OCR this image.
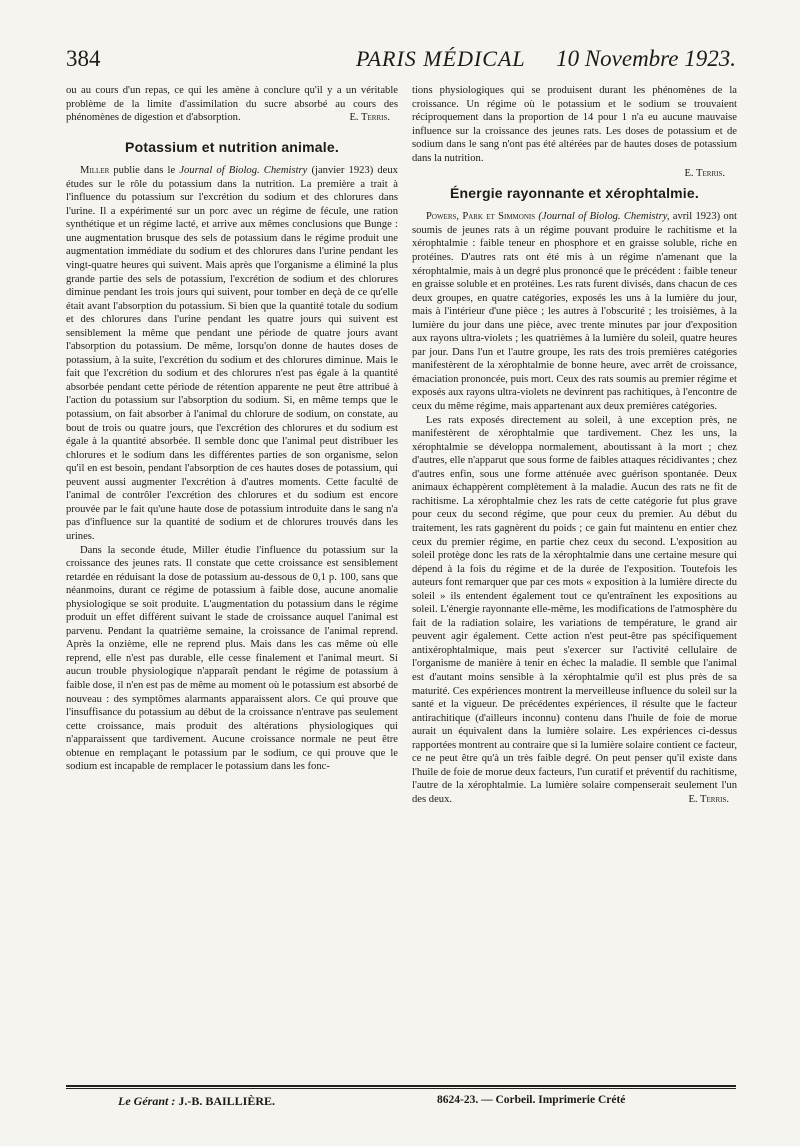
384	PARIS MÉDICAL 10 Novembre 1923.

ou au cours d'un repas, ce qui les amène à conclure qu'il y a un véritable problème de la limite d'assimilation du sucre absorbé au cours des phénomènes de digestion et d'absorption.	E. Terris.

Potassium et nutrition animale.

Miller publie dans le Journal of Biolog. Chemistry (janvier 1923) deux études sur le rôle du potassium dans la nutrition. La première a trait à l'influence du potassium sur l'excrétion du sodium et des chlorures dans l'urine. Il a expérimenté sur un porc avec un régime de fécule, une ration synthétique et un régime lacté, et arrive aux mêmes conclusions que Bunge : une augmentation brusque des sels de potassium dans le régime produit une augmentation immédiate du sodium et des chlorures dans l'urine pendant les vingt-quatre heures qui suivent. Mais après que l'organisme a éliminé la plus grande partie des sels de potassium, l'excrétion de sodium et des chlorures diminue pendant les trois jours qui suivent, pour tomber en deçà de ce qu'elle était avant l'absorption du potassium. Si bien que la quantité totale du sodium et des chlorures dans l'urine pendant les quatre jours qui suivent est sensiblement la même que pendant une période de quatre jours avant l'absorption du potassium. De même, lorsqu'on donne de hautes doses de potassium, à la suite, l'excrétion du sodium et des chlorures diminue. Mais le fait que l'excrétion du sodium et des chlorures n'est pas égale à la quantité absorbée pendant cette période de rétention apparente ne peut être attribué à l'action du potassium sur l'absorption du sodium. Si, en même temps que le potassium, on fait absorber à l'animal du chlorure de sodium, on constate, au bout de trois ou quatre jours, que l'excrétion des chlorures et du sodium est égale à la quantité absorbée. Il semble donc que l'animal peut distribuer les chlorures et le sodium dans les différentes parties de son organisme, selon qu'il en est besoin, pendant l'absorption de ces hautes doses de potassium, qui peuvent aussi augmenter l'excrétion à d'autres moments. Cette faculté de l'animal de contrôler l'excrétion des chlorures et du sodium est encore prouvée par le fait qu'une haute dose de potassium introduite dans le sang n'a pas d'influence sur la quantité de sodium et de chlorures trouvés dans les urines.

Dans la seconde étude, Miller étudie l'influence du potassium sur la croissance des jeunes rats. Il constate que cette croissance est sensiblement retardée en réduisant la dose de potassium au-dessous de 0,1 p. 100, sans que néanmoins, durant ce régime de potassium à faible dose, aucune anomalie physiologique se soit produite. L'augmentation du potassium dans le régime produit un effet différent suivant le stade de croissance auquel l'animal est parvenu. Pendant la quatrième semaine, la croissance de l'animal reprend. Après la onzième, elle ne reprend plus. Mais dans les cas même où elle reprend, elle n'est pas durable, elle cesse finalement et l'animal meurt. Si aucun trouble physiologique n'apparaît pendant le régime de potassium à faible dose, il n'en est pas de même au moment où le potassium est absorbé de nouveau : des symptômes alarmants apparaissent alors. Ce qui prouve que l'insuffisance du potassium au début de la croissance n'entrave pas seulement cette croissance, mais produit des altérations physiologiques qui n'apparaissent que tardivement. Aucune croissance normale ne peut être obtenue en remplaçant le potassium par le sodium, ce qui prouve que le sodium est incapable de remplacer le potassium dans les fonc-

tions physiologiques qui se produisent durant les phénomènes de la croissance. Un régime où le potassium et le sodium se trouvaient réciproquement dans la proportion de 14 pour 1 n'a eu aucune mauvaise influence sur la croissance des jeunes rats. Les doses de potassium et de sodium dans le sang n'ont pas été altérées par de hautes doses de potassium dans la nutrition.

E. Terris.
Énergie rayonnante et xérophtalmie.

Powers, Park et Simmonis (Journal of Biolog. Chemistry, avril 1923) ont soumis de jeunes rats à un régime pouvant produire le rachitisme et la xérophtalmie : faible teneur en phosphore et en graisse soluble, riche en protéines. D'autres rats ont été mis à un régime n'amenant que la xérophtalmie, mais à un degré plus prononcé que le précédent : faible teneur en graisse soluble et en protéines. Les rats furent divisés, dans chacun de ces deux groupes, en quatre catégories, exposés les uns à la lumière du jour, mais à l'intérieur d'une pièce ; les autres à l'obscurité ; les troisièmes, à la lumière du jour dans une pièce, avec trente minutes par jour d'exposition aux rayons ultra-violets ; les quatrièmes à la lumière du soleil, quatre heures par jour. Dans l'un et l'autre groupe, les rats des trois premières catégories manifestèrent de la xérophtalmie de bonne heure, avec arrêt de croissance, émaciation prononcée, puis mort. Ceux des rats soumis au premier régime et exposés aux rayons ultra-violets ne devinrent pas rachitiques, à l'encontre de ceux du même régime, mais appartenant aux deux premières catégories.

Les rats exposés directement au soleil, à une exception près, ne manifestèrent de xérophtalmie que tardivement. Chez les uns, la xérophtalmie se développa normalement, aboutissant à la mort ; chez d'autres, elle n'apparut que sous forme de faibles attaques récidivantes ; chez d'autres enfin, sous une forme atténuée avec guérison spontanée. Deux animaux échappèrent complètement à la maladie. Aucun des rats ne fit de rachitisme. La xérophtalmie chez les rats de cette catégorie fut plus grave pour ceux du second régime, que pour ceux du premier. Au début du traitement, les rats gagnèrent du poids ; ce gain fut maintenu en entier chez ceux du premier régime, en partie chez ceux du second. L'exposition au soleil protège donc les rats de la xérophtalmie dans une certaine mesure qui dépend à la fois du régime et de la durée de l'exposition. Toutefois les auteurs font remarquer que par ces mots « exposition à la lumière directe du soleil » ils entendent également tout ce qu'entraînent les expositions au soleil. L'énergie rayonnante elle-même, les modifications de l'atmosphère du fait de la radiation solaire, les variations de température, le grand air peuvent agir également. Cette action n'est peut-être pas spécifiquement antixérophtalmique, mais peut s'exercer sur l'activité cellulaire de l'organisme de manière à tenir en échec la maladie. Il semble que l'animal est d'autant moins sensible à la xérophtalmie qu'il est plus près de sa maturité. Ces expériences montrent la merveilleuse influence du soleil sur la santé et la vigueur. De précédentes expériences, il résulte que le facteur antirachitique (d'ailleurs inconnu) contenu dans l'huile de foie de morue aurait un équivalent dans la lumière solaire. Les expériences ci-dessus rapportées montrent au contraire que si la lumière solaire contient ce facteur, ce ne peut être qu'à un très faible degré. On peut penser qu'il existe dans l'huile de foie de morue deux facteurs, l'un curatif et préventif du rachitisme, l'autre de la xérophtalmie. La lumière solaire compenserait seulement l'un des deux.	E. Terris.

Le Gérant : J.-B. BAILLIÈRE.	8624-23. — Corbeil. Imprimerie Crété
